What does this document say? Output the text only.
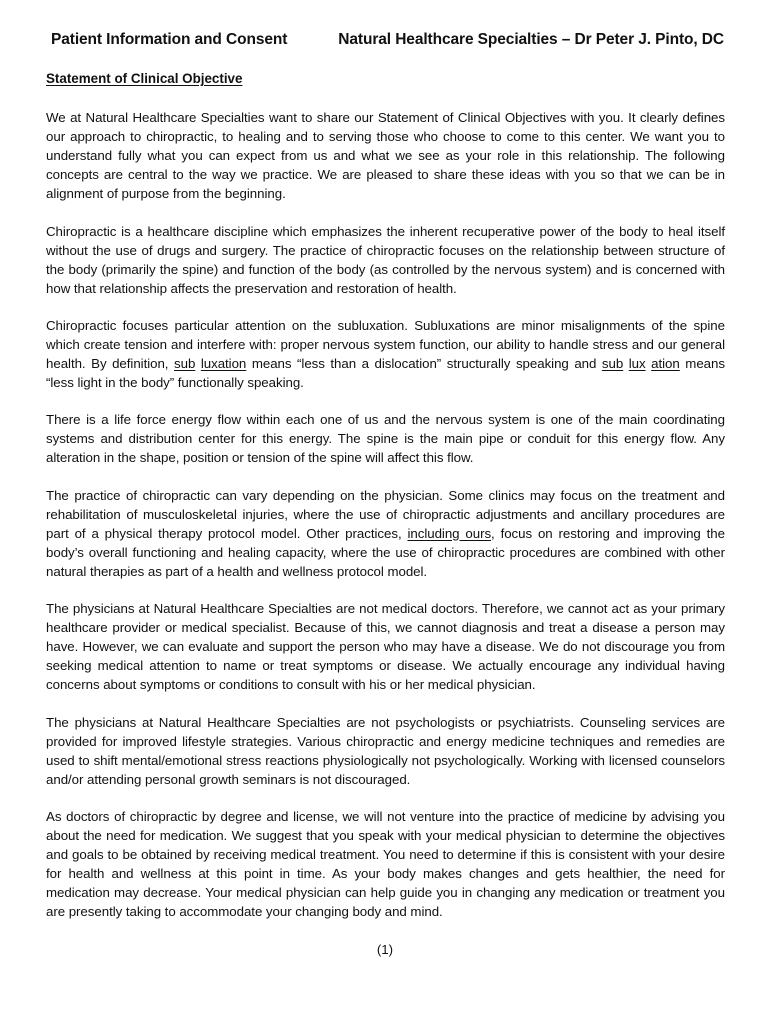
Patient Information and Consent	Natural Healthcare Specialties – Dr Peter J. Pinto, DC
Statement of Clinical Objective

We at Natural Healthcare Specialties want to share our Statement of Clinical Objectives with you. It clearly defines our approach to chiropractic, to healing and to serving those who choose to come to this center. We want you to understand fully what you can expect from us and what we see as your role in this relationship. The following concepts are central to the way we practice. We are pleased to share these ideas with you so that we can be in alignment of purpose from the beginning.

Chiropractic is a healthcare discipline which emphasizes the inherent recuperative power of the body to heal itself without the use of drugs and surgery. The practice of chiropractic focuses on the relationship between structure of the body (primarily the spine) and function of the body (as controlled by the nervous system) and is concerned with how that relationship affects the preservation and restoration of health.

Chiropractic focuses particular attention on the subluxation. Subluxations are minor misalignments of the spine which create tension and interfere with: proper nervous system function, our ability to handle stress and our general health. By definition, sub luxation means “less than a dislocation” structurally speaking and sub lux ation means “less light in the body” functionally speaking.

There is a life force energy flow within each one of us and the nervous system is one of the main coordinating systems and distribution center for this energy. The spine is the main pipe or conduit for this energy flow. Any alteration in the shape, position or tension of the spine will affect this flow.

The practice of chiropractic can vary depending on the physician. Some clinics may focus on the treatment and rehabilitation of musculoskeletal injuries, where the use of chiropractic adjustments and ancillary procedures are part of a physical therapy protocol model. Other practices, including ours, focus on restoring and improving the body’s overall functioning and healing capacity, where the use of chiropractic procedures are combined with other natural therapies as part of a health and wellness protocol model.

The physicians at Natural Healthcare Specialties are not medical doctors. Therefore, we cannot act as your primary healthcare provider or medical specialist. Because of this, we cannot diagnosis and treat a disease a person may have. However, we can evaluate and support the person who may have a disease. We do not discourage you from seeking medical attention to name or treat symptoms or disease. We actually encourage any individual having concerns about symptoms or conditions to consult with his or her medical physician.

The physicians at Natural Healthcare Specialties are not psychologists or psychiatrists. Counseling services are provided for improved lifestyle strategies. Various chiropractic and energy medicine techniques and remedies are used to shift mental/emotional stress reactions physiologically not psychologically. Working with licensed counselors and/or attending personal growth seminars is not discouraged.

As doctors of chiropractic by degree and license, we will not venture into the practice of medicine by advising you about the need for medication. We suggest that you speak with your medical physician to determine the objectives and goals to be obtained by receiving medical treatment. You need to determine if this is consistent with your desire for health and wellness at this point in time. As your body makes changes and gets healthier, the need for medication may decrease. Your medical physician can help guide you in changing any medication or treatment you are presently taking to accommodate your changing body and mind.

(1)
